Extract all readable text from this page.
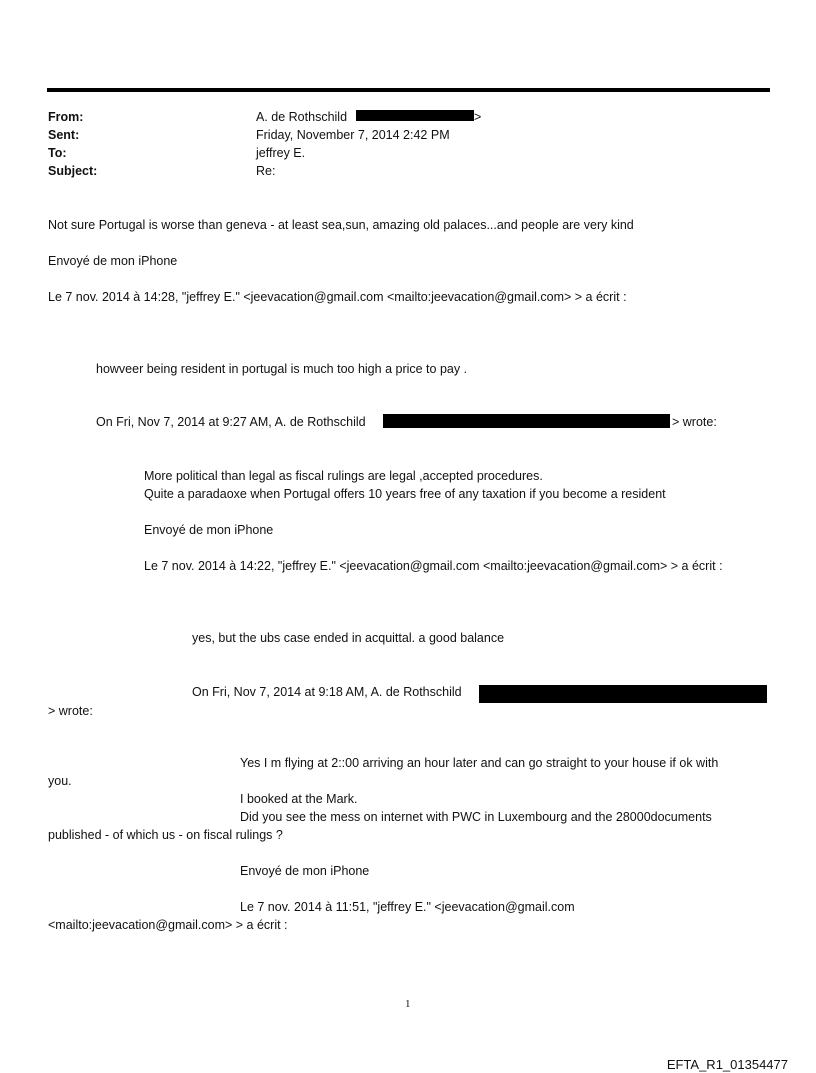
From:	A. de Rothschild	>
Sent:	Friday, November 7, 2014 2:42 PM
To:	jeffrey E.
Subject:	Re:
Not sure Portugal is worse than geneva - at least sea,sun, amazing old palaces...and people are very kind
Envoyé de mon iPhone
Le 7 nov. 2014 à 14:28, "jeffrey E." <jeevacation@gmail.com <mailto:jeevacation@gmail.com> > a écrit :
howveer being resident in portugal is much too high a price to pay .
On Fri, Nov 7, 2014 at 9:27 AM, A. de Rothschild	> wrote:
More political than legal as fiscal rulings are legal ,accepted procedures.
Quite a paradaoxe when Portugal offers 10 years free of any taxation if you become a resident
Envoyé de mon iPhone
Le 7 nov. 2014 à 14:22, "jeffrey E." <jeevacation@gmail.com <mailto:jeevacation@gmail.com> > a écrit :
yes, but the ubs case ended in acquittal. a good balance
On Fri, Nov 7, 2014 at 9:18 AM, A. de Rothschild
> wrote:
Yes I m flying at 2::00 arriving an hour later and can go straight to your house if ok with
you.
I booked at the Mark.
Did you see the mess on internet with PWC in Luxembourg and the 28000documents
published - of which us - on fiscal rulings ?
Envoyé de mon iPhone
Le 7 nov. 2014 à 11:51, "jeffrey E." <jeevacation@gmail.com
<mailto:jeevacation@gmail.com> > a écrit :
1
EFTA_R1_01354477
